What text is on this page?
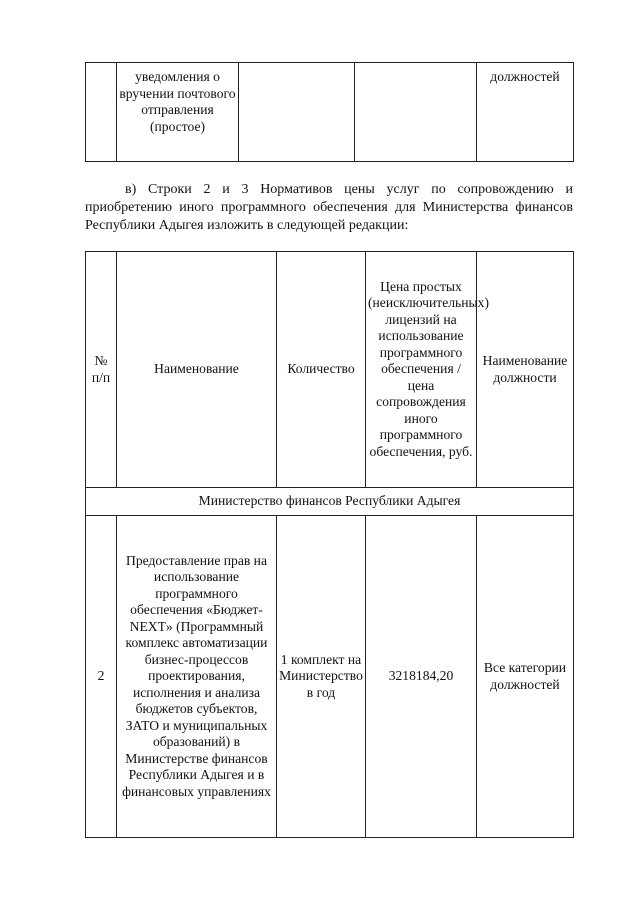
	уведомления о вручении почтового отправления (простое)			должностей

в) Строки 2 и 3 Нормативов цены услуг по сопровождению и приобретению иного программного обеспечения для Министерства финансов Республики Адыгея изложить в следующей редакции:

№ п/п	Наименование	Количество	Цена простых (неисключительных) лицензий на использование программного обеспечения / цена сопровождения иного программного обеспечения, руб.	Наименование должности
Министерство финансов Республики Адыгея				
2	Предоставление прав на использование программного обеспечения «Бюджет-NEXT» (Программный комплекс автоматизации бизнес-процессов проектирования, исполнения и анализа бюджетов субъектов, ЗАТО и муниципальных образований) в Министерстве финансов Республики Адыгея и в финансовых управлениях	1 комплект на Министерство в год	3218184,20	Все категории должностей
